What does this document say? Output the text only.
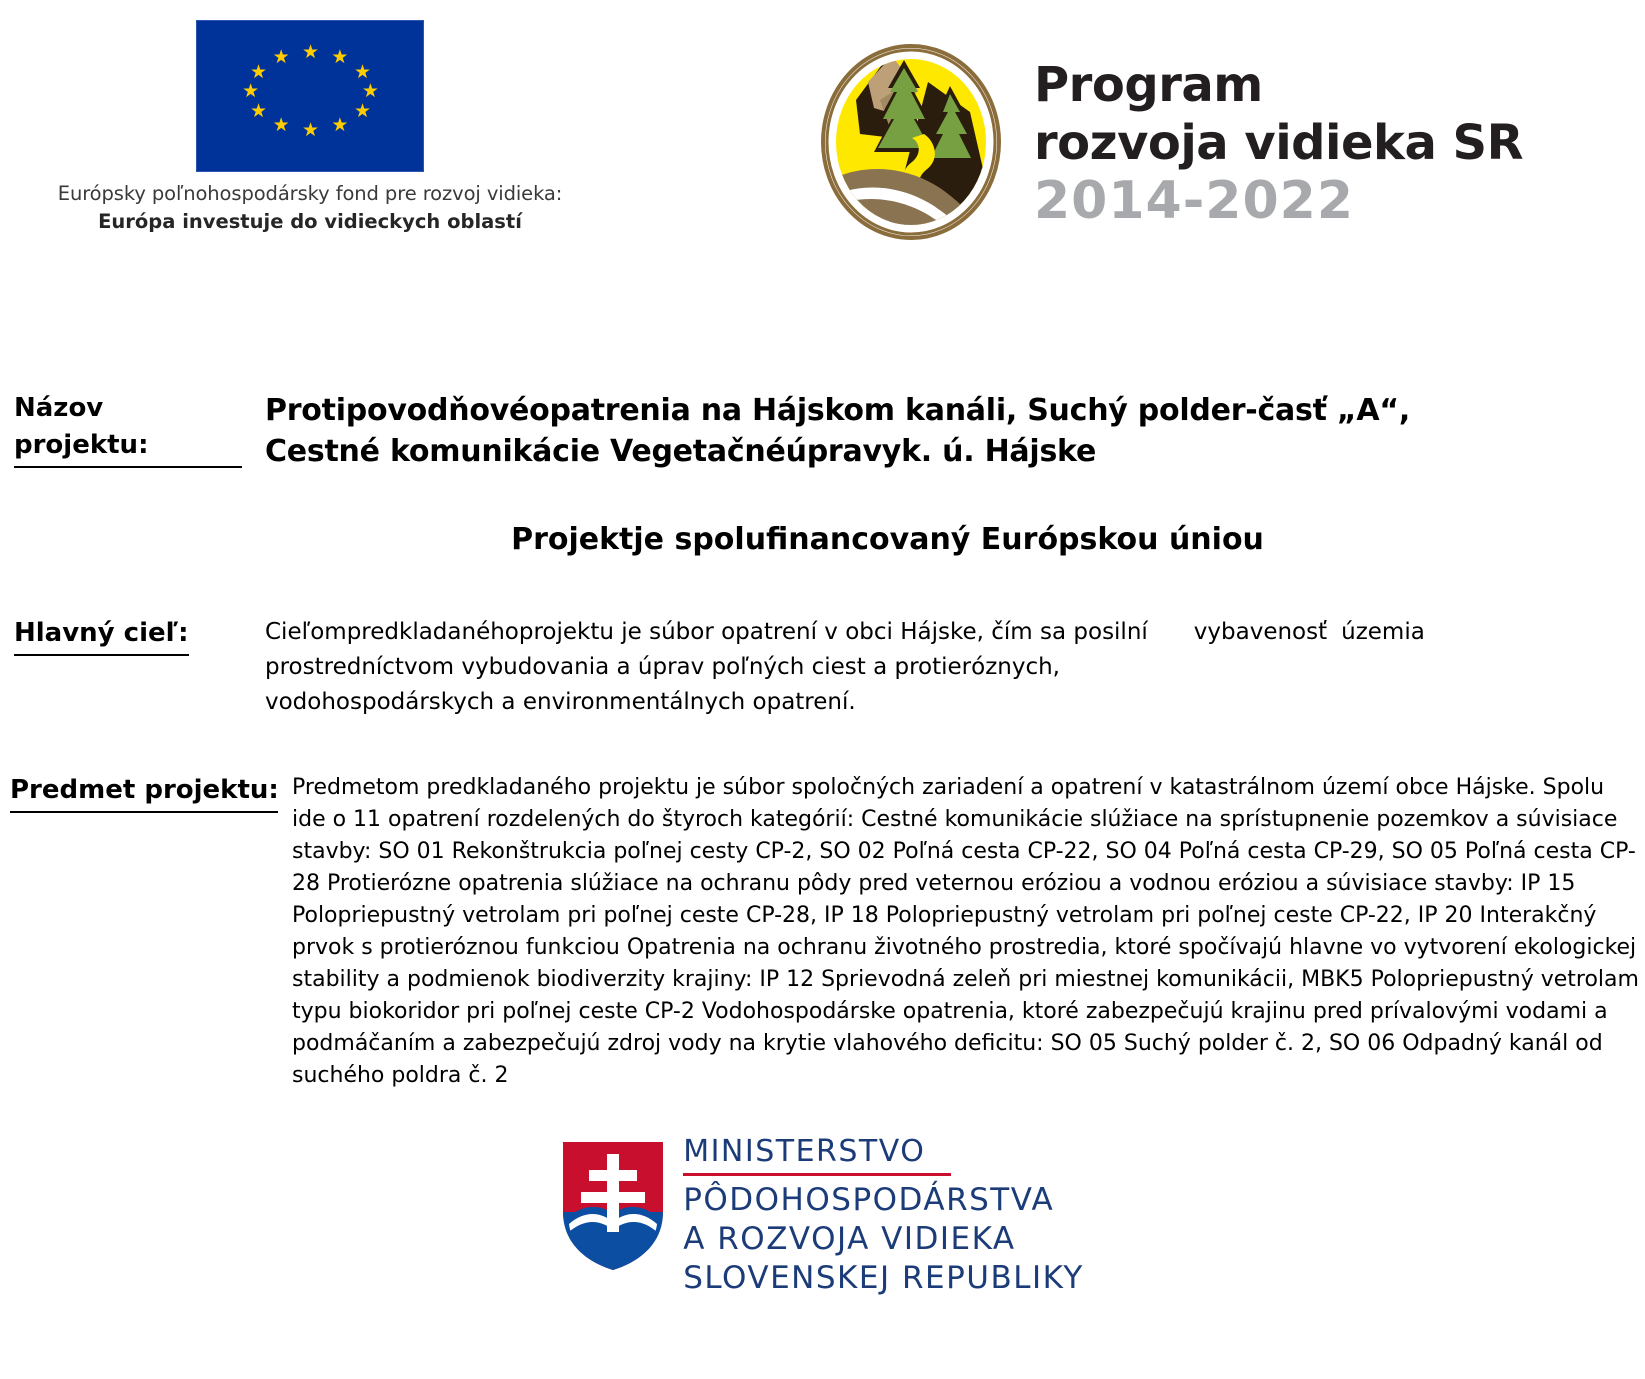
★ ★
★
★
★
★
★
★
★
★
★
★
Európsky poľnohospodársky fond pre rozvoj vidieka:
Európa investuje do vidieckych oblastí
Program
rozvoja vidieka SR
2014-2022
Názov
projektu:
Protipovodňovéopatrenia na Hájskom kanáli, Suchý polder-časť „A“,
Cestné komunikácie Vegetačnéúpravyk. ú. Hájske
Projektje spolufinancovaný Európskou úniou
Hlavný cieľ:	Cieľompredkladanéhoprojektu je súbor opatrení v obci Hájske, čím sa posilní vybavenosť územia
prostredníctvom vybudovania a úprav poľných ciest a protierόznych,
vodohospodárskych a environmentálnych opatrení.
Predmet projektu: Predmetom predkladaného projektu je súbor spoločných zariadení a opatrení v katastrálnom území obce Hájske. Spolu ide o 11 opatrení rozdelených do štyroch kategórií: Cestné komunikácie slúžiace na sprístupnenie pozemkov a súvisiace stavby: SO 01 Rekonštrukcia poľnej cesty CP-2, SO 02 Poľná cesta CP-22, SO 04 Poľná cesta CP-29, SO 05 Poľná cesta CP-28 Protierózne opatrenia slúžiace na ochranu pôdy pred veternou eróziou a vodnou eróziou a súvisiace stavby: IP 15 Polopriepustný vetrolam pri poľnej ceste CP-28, IP 18 Polopriepustný vetrolam pri poľnej ceste CP-22, IP 20 Interakčný prvok s protieróznou funkciou Opatrenia na ochranu životného prostredia, ktoré spočívajú hlavne vo vytvorení ekologickej stability a podmienok biodiverzity krajiny: IP 12 Sprievodná zeleň pri miestnej komunikácii, MBK5 Polopriepustný vetrolam typu biokoridor pri poľnej ceste CP-2 Vodohospodárske opatrenia, ktoré zabezpečujú krajinu pred prívalovými vodami a podmáčaním a zabezpečujú zdroj vody na krytie vlahového deficitu: SO 05 Suchý polder č. 2, SO 06 Odpadný kanál od suchého poldra č. 2
MINISTERSTVO
PÔDOHOSPODÁRSTVA
A ROZVOJA VIDIEKA
SLOVENSKEJ REPUBLIKY
